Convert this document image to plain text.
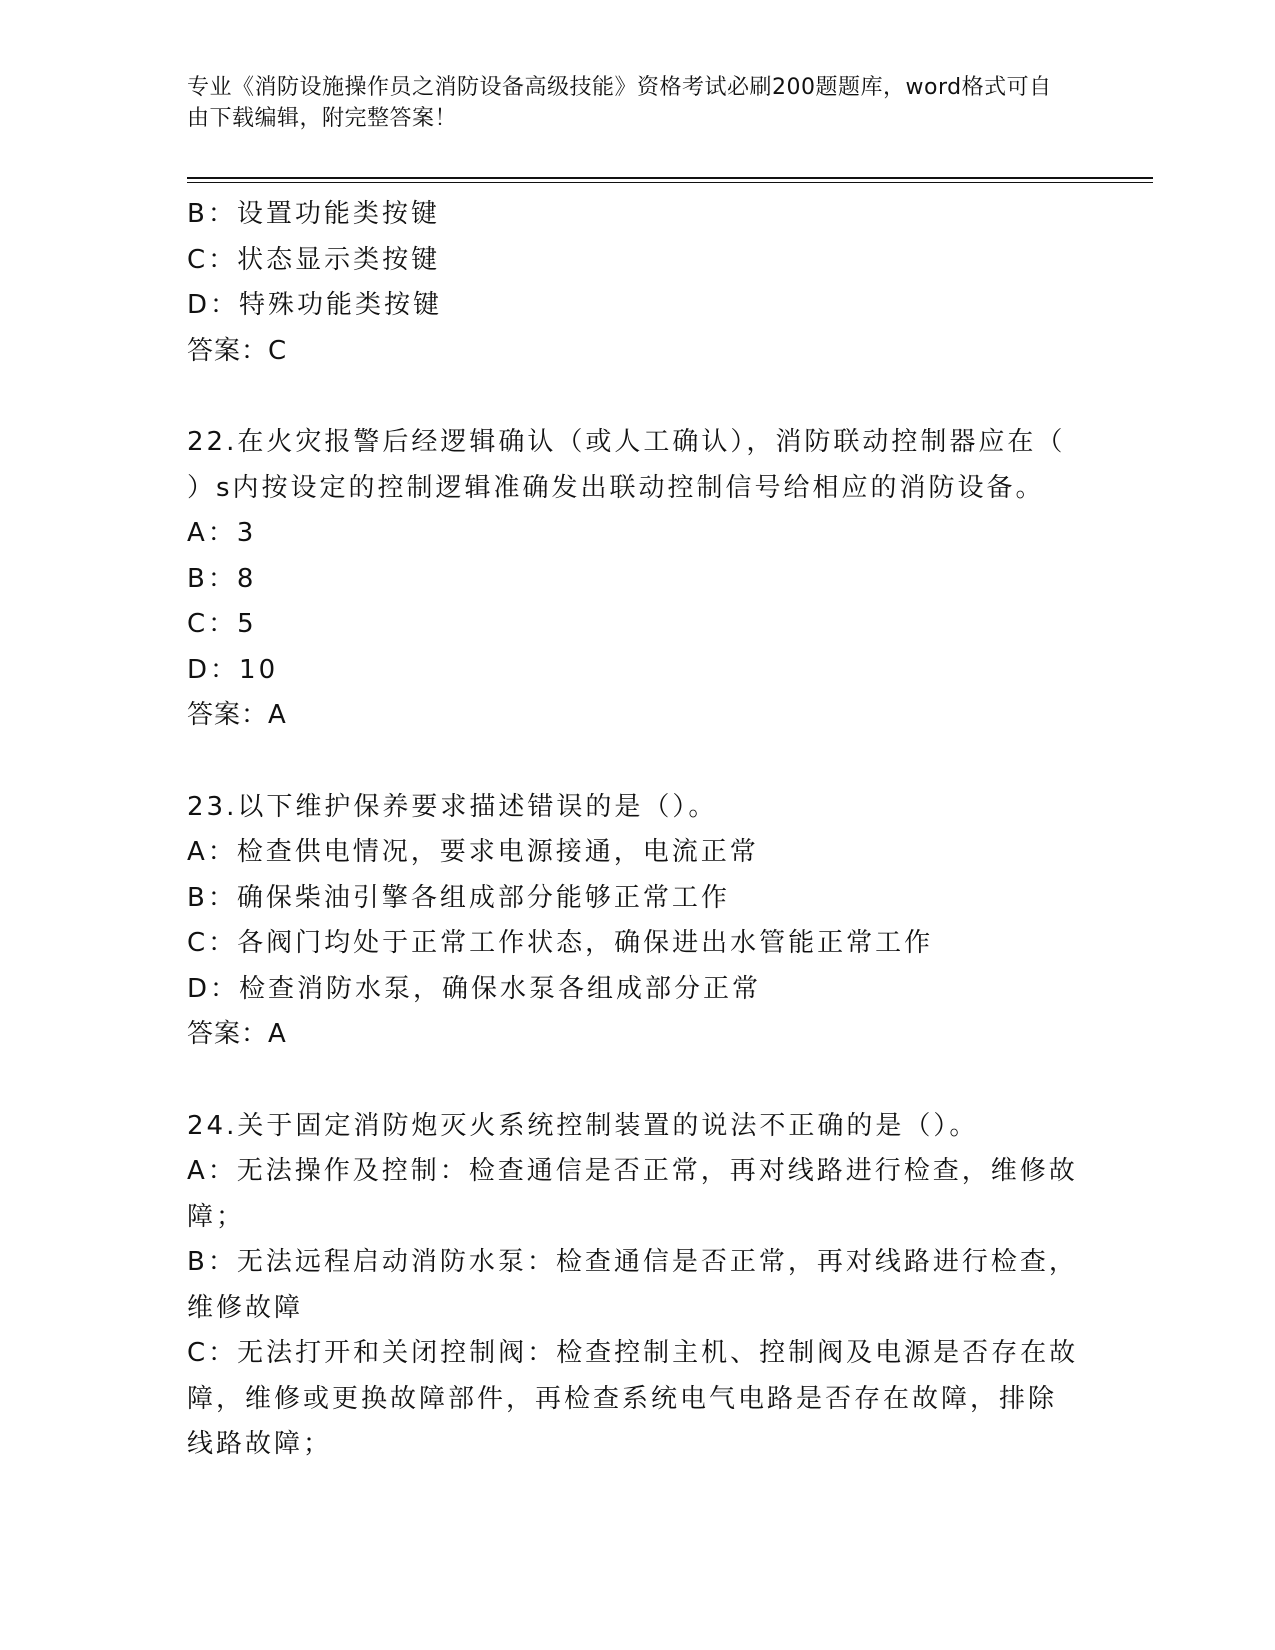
专业《消防设施操作员之消防设备高级技能》资格考试必刷200题题库，word格式可自由下载编辑，附完整答案！
B：设置功能类按键
C：状态显示类按键
D：特殊功能类按键
答案：C
22.在火灾报警后经逻辑确认（或人工确认），消防联动控制器应在（
）s内按设定的控制逻辑准确发出联动控制信号给相应的消防设备。
A：3
B：8
C：5
D：10
答案：A
23.以下维护保养要求描述错误的是（）。
A：检查供电情况，要求电源接通，电流正常
B：确保柴油引擎各组成部分能够正常工作
C：各阀门均处于正常工作状态，确保进出水管能正常工作
D：检查消防水泵，确保水泵各组成部分正常
答案：A
24.关于固定消防炮灭火系统控制装置的说法不正确的是（）。
A：无法操作及控制：检查通信是否正常，再对线路进行检查，维修故
障；
B：无法远程启动消防水泵：检查通信是否正常，再对线路进行检查，
维修故障
C：无法打开和关闭控制阀：检查控制主机、控制阀及电源是否存在故
障，维修或更换故障部件，再检查系统电气电路是否存在故障，排除
线路故障；
